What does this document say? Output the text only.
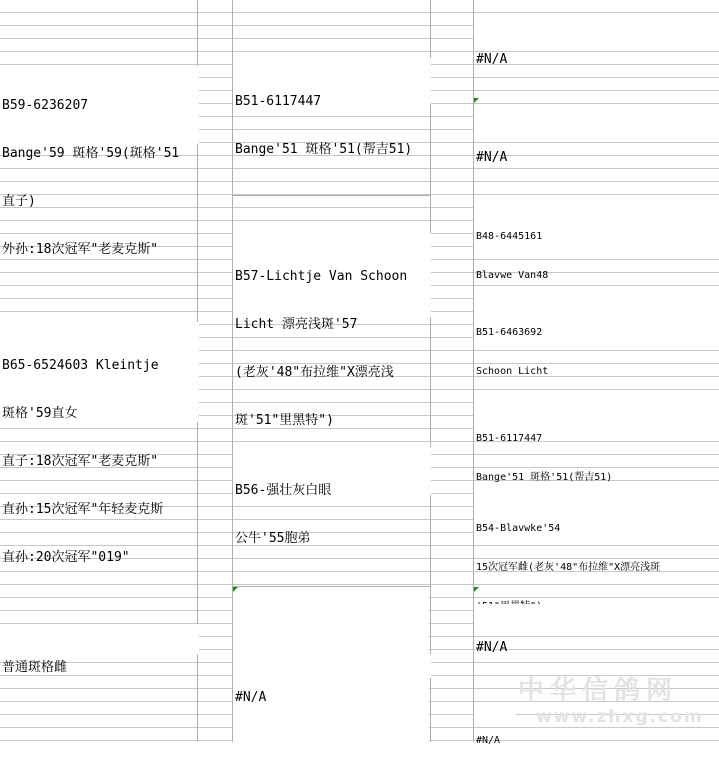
B59-6236207

Bange'59 斑格'59(斑格'51

直子)

外孙:18次冠军"老麦克斯"

B65-6524603 Kleintje

斑格'59直女

直子:18次冠军"老麦克斯"

直孙:15次冠军"年轻麦克斯

直孙:20次冠军"019"

普通斑格雌

B51-6117447

Bange'51 斑格'51(帮吉51)

B57-Lichtje Van Schoon

Licht 漂亮浅斑'57

(老灰'48"布拉维"X漂亮浅

斑'51"里黑特")

B56-强壮灰白眼

公牛'55胞弟

#N/A

#N/A

#N/A

B48-6445161

Blavwe Van48

B51-6463692

Schoon Licht

B51-6117447

Bange'51 斑格'51(帮吉51)

B54-Blavwke'54

15次冠军雌(老灰'48"布拉维"X漂亮浅斑

#N/A

#N/A

中华信鸽网
www.zhxg.com
